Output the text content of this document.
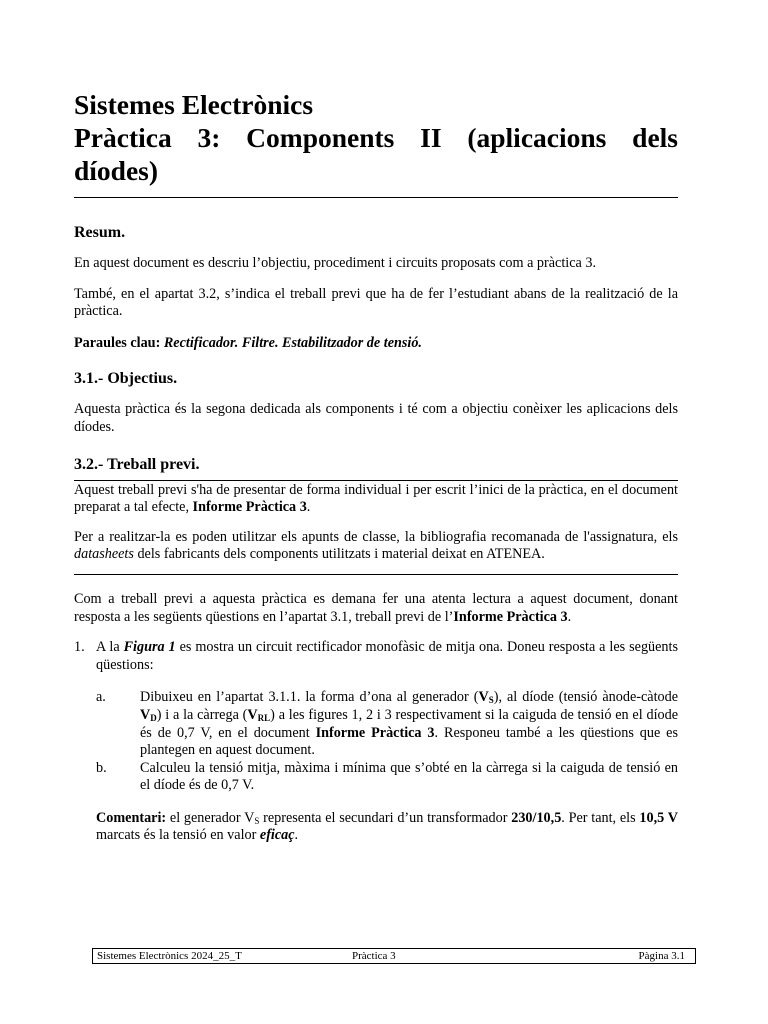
Sistemes Electrònics
Pràctica 3: Components II (aplicacions dels
díodes)
Resum.

En aquest document es descriu l’objectiu, procediment i circuits proposats com a pràctica 3.

També, en el apartat 3.2, s’indica el treball previ que ha de fer l’estudiant abans de la realització de la pràctica.

Paraules clau: Rectificador. Filtre. Estabilitzador de tensió.

3.1.- Objectius.

Aquesta pràctica és la segona dedicada als components i té com a objectiu conèixer les aplicacions dels díodes.

3.2.- Treball previ.

Aquest treball previ s'ha de presentar de forma individual i per escrit l’inici de la pràctica, en el document preparat a tal efecte, Informe Pràctica 3.

Per a realitzar-la es poden utilitzar els apunts de classe, la bibliografia recomanada de l'assignatura, els datasheets dels fabricants dels components utilitzats i material deixat en ATENEA.

Com a treball previ a aquesta pràctica es demana fer una atenta lectura a aquest document, donant resposta a les següents qüestions en l’apartat 3.1, treball previ de l’Informe Pràctica 3.

1. A la Figura 1 es mostra un circuit rectificador monofàsic de mitja ona. Doneu resposta a les següents qüestions:
a. Dibuixeu en l’apartat 3.1.1. la forma d’ona al generador $(V_S)$, al díode (tensió ànode-càtode $V_D$) i a la càrrega $(V_{RL})$ a les figures 1, 2 i 3 respectivament si la caiguda de tensió en el díode és de 0,7 V, en el document Informe Pràctica 3. Responeu també a les qüestions que es plantegen en aquest document.
b. Calculeu la tensió mitja, màxima i mínima que s’obté en la càrrega si la caiguda de tensió en el díode és de 0,7 V.

Comentari: el generador $V_S$ representa el secundari d’un transformador 230/10,5. Per tant, els 10,5 V marcats és la tensió en valor eficaç.

Sistemes Electrònics 2024_25_T	Pràctica 3	Pàgina 3.1
